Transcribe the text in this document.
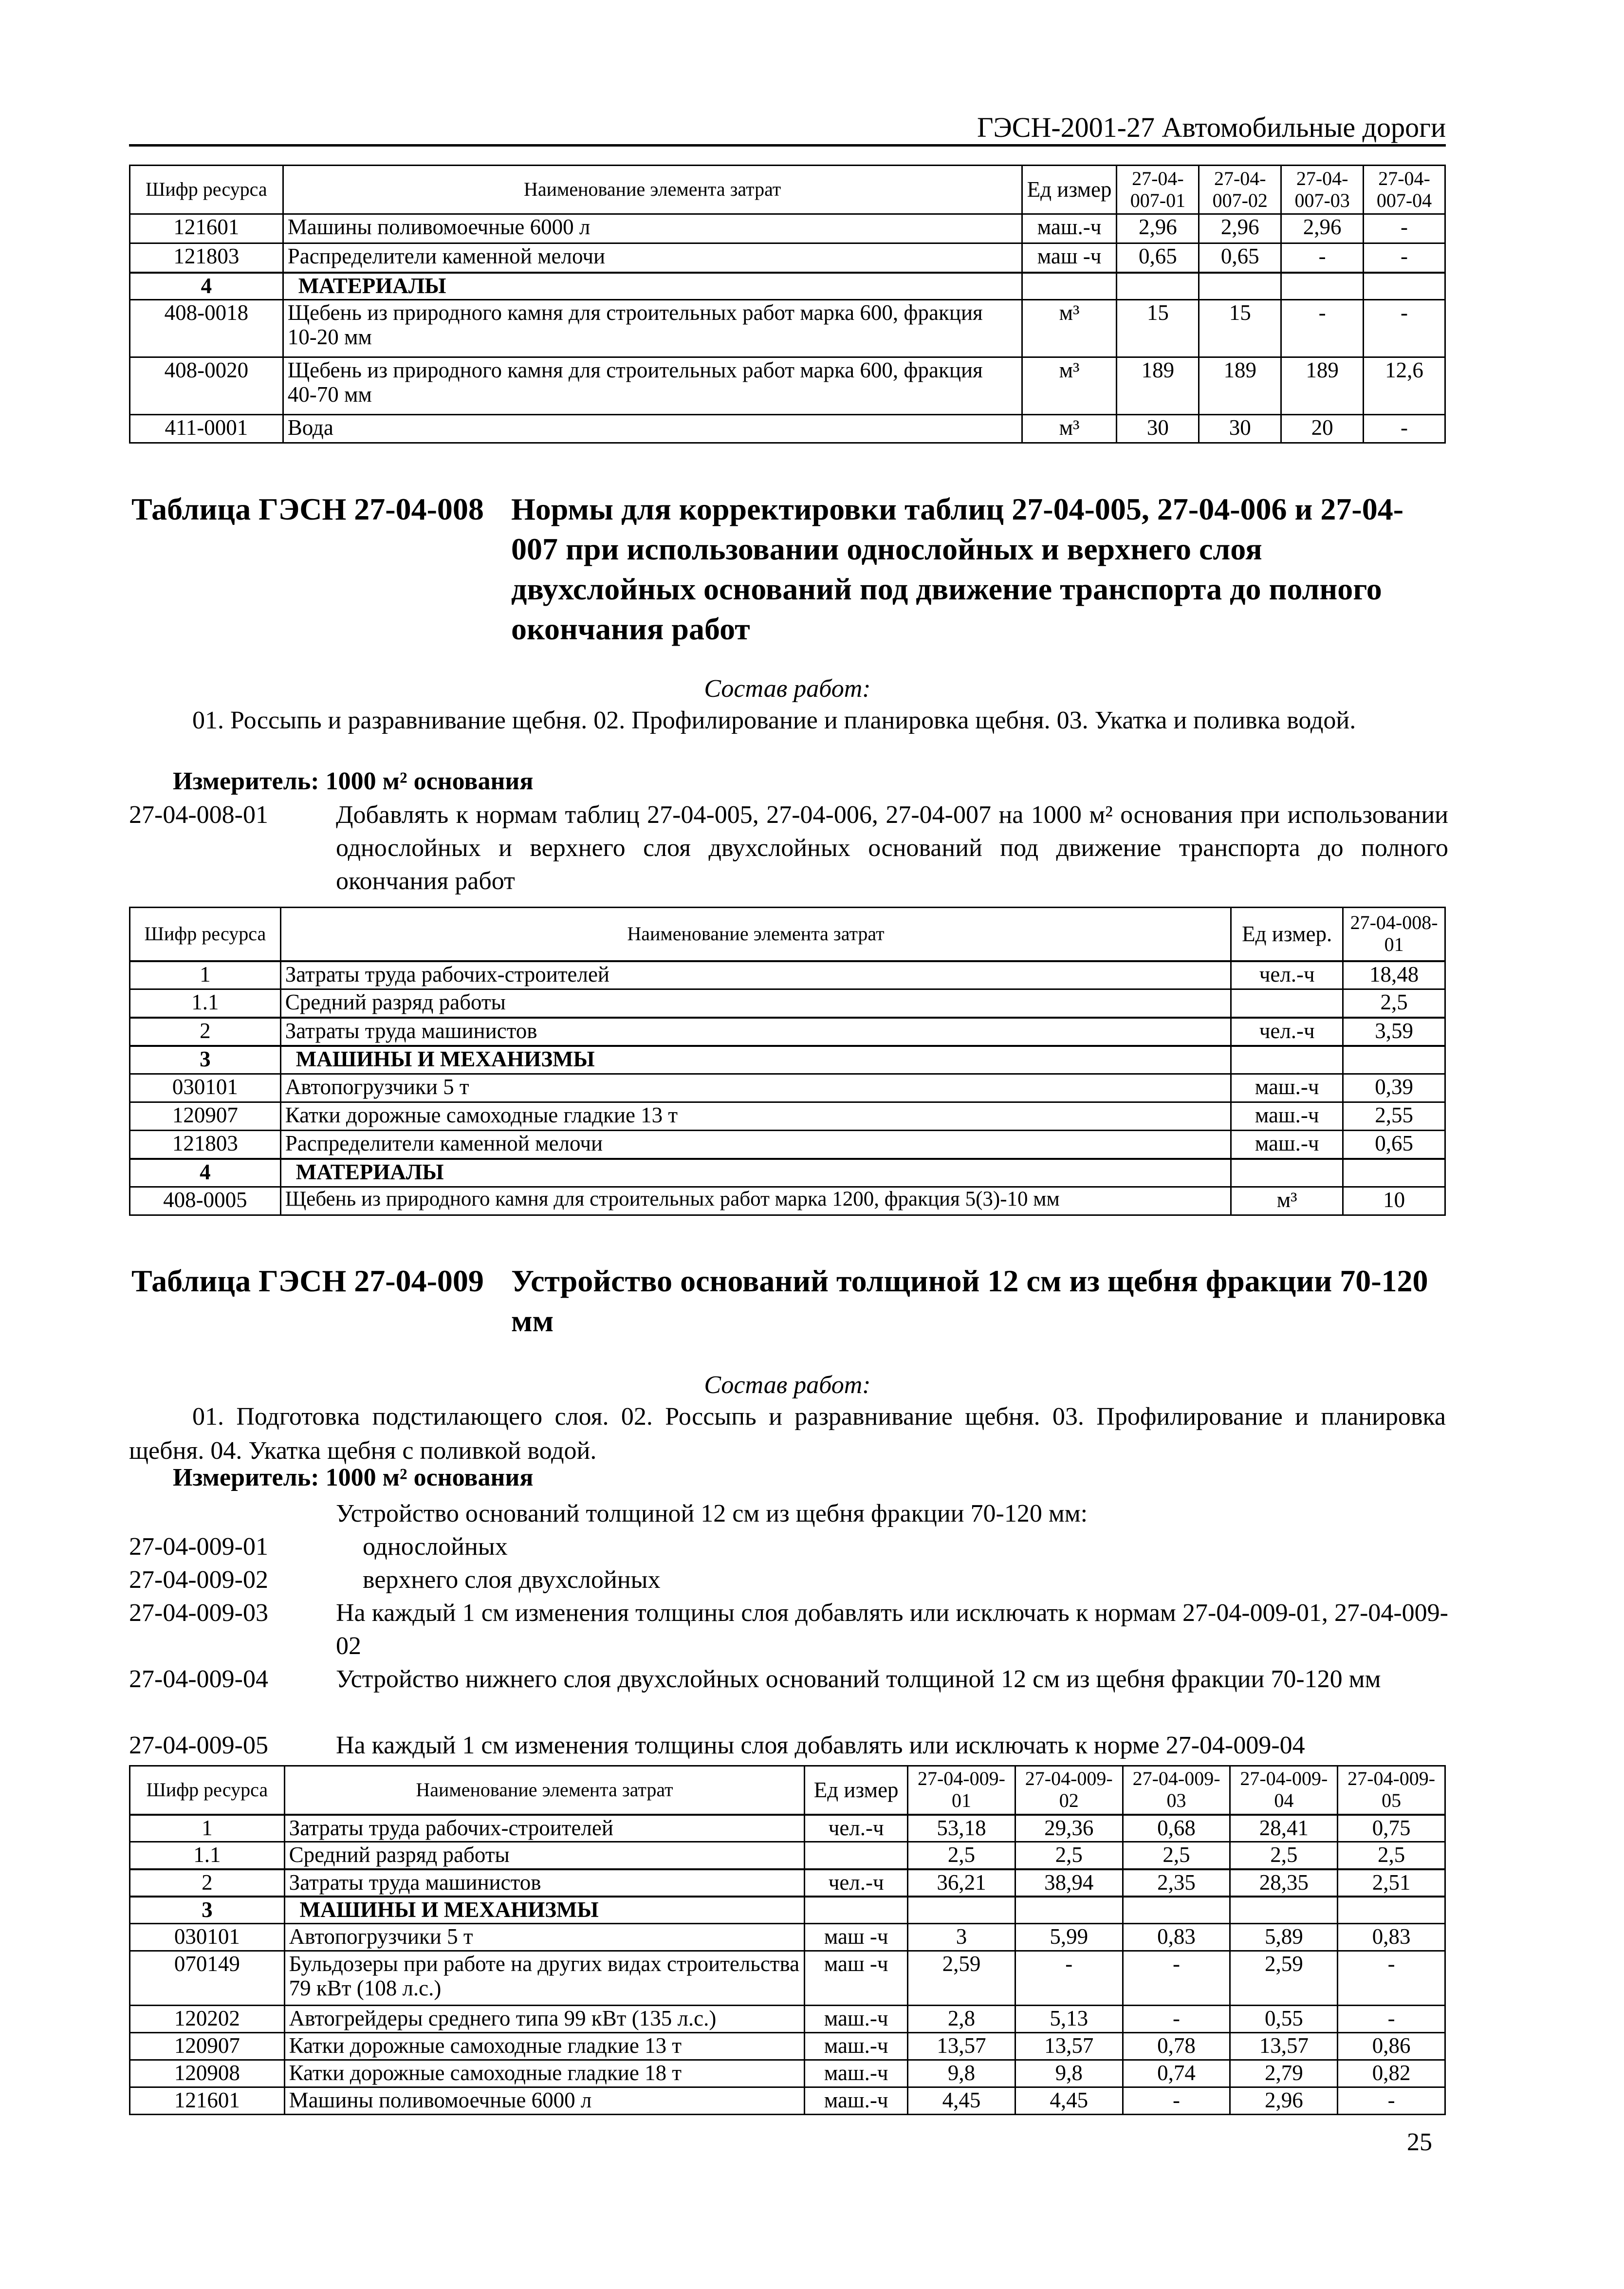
ГЭСН-2001-27 Автомобильные дороги
Шифр ресурса	Наименование элемента затрат	Ед измер	27-04-007-01	27-04-007-02	27-04-007-03	27-04-007-04
121601	Машины поливомоечные 6000 л	маш.-ч	2,96	2,96	2,96	-
121803	Распределители каменной мелочи	маш -ч	0,65	0,65	-	-
4	МАТЕРИАЛЫ					
408-0018	Щебень из природного камня для строительных работ марка 600, фракция 10-20 мм	м³	15	15	-	-
408-0020	Щебень из природного камня для строительных работ марка 600, фракция 40-70 мм	м³	189	189	189	12,6
411-0001	Вода	м³	30	30	20	-
Таблица ГЭСН 27-04-008 Нормы для корректировки таблиц 27-04-005, 27-04-006 и 27-04-007 при использовании однослойных и верхнего слоя двухслойных оснований под движение транспорта до полного окончания работ
Состав работ:
01. Россыпь и разравнивание щебня. 02. Профилирование и планировка щебня. 03. Укатка и поливка водой.
Измеритель: 1000 м² основания
27-04-008-01	Добавлять к нормам таблиц 27-04-005, 27-04-006, 27-04-007 на 1000 м² основания при использовании однослойных и верхнего слоя двухслойных оснований под движение транспорта до полного окончания работ
Шифр ресурса	Наименование элемента затрат	Ед измер.	27-04-008-01
1	Затраты труда рабочих-строителей	чел.-ч	18,48
1.1	Средний разряд работы		2,5
2	Затраты труда машинистов	чел.-ч	3,59
3	МАШИНЫ И МЕХАНИЗМЫ		
030101	Автопогрузчики 5 т	маш.-ч	0,39
120907	Катки дорожные самоходные гладкие 13 т	маш.-ч	2,55
121803	Распределители каменной мелочи	маш.-ч	0,65
4	МАТЕРИАЛЫ		
408-0005	Щебень из природного камня для строительных работ марка 1200, фракция 5(3)-10 мм	м³	10
Таблица ГЭСН 27-04-009 Устройство оснований толщиной 12 см из щебня фракции 70-120 мм
Состав работ:
01. Подготовка подстилающего слоя. 02. Россыпь и разравнивание щебня. 03. Профилирование и планировка щебня. 04. Укатка щебня с поливкой водой.
Измеритель: 1000 м² основания
Устройство оснований толщиной 12 см из щебня фракции 70-120 мм:
27-04-009-01	однослойных
27-04-009-02	верхнего слоя двухслойных
27-04-009-03	На каждый 1 см изменения толщины слоя добавлять или исключать к нормам 27-04-009-01, 27-04-009-02
27-04-009-04	Устройство нижнего слоя двухслойных оснований толщиной 12 см из щебня фракции 70-120 мм
27-04-009-05	На каждый 1 см изменения толщины слоя добавлять или исключать к норме 27-04-009-04
Шифр ресурса	Наименование элемента затрат	Ед измер	27-04-009-01	27-04-009-02	27-04-009-03	27-04-009-04	27-04-009-05
1	Затраты труда рабочих-строителей	чел.-ч	53,18	29,36	0,68	28,41	0,75
1.1	Средний разряд работы		2,5	2,5	2,5	2,5	2,5
2	Затраты труда машинистов	чел.-ч	36,21	38,94	2,35	28,35	2,51
3	МАШИНЫ И МЕХАНИЗМЫ						
030101	Автопогрузчики 5 т	маш -ч	3	5,99	0,83	5,89	0,83
070149	Бульдозеры при работе на других видах строительства 79 кВт (108 л.с.)	маш -ч	2,59	-	-	2,59	-
120202	Автогрейдеры среднего типа 99 кВт (135 л.с.)	маш.-ч	2,8	5,13	-	0,55	-
120907	Катки дорожные самоходные гладкие 13 т	маш.-ч	13,57	13,57	0,78	13,57	0,86
120908	Катки дорожные самоходные гладкие 18 т	маш.-ч	9,8	9,8	0,74	2,79	0,82
121601	Машины поливомоечные 6000 л	маш.-ч	4,45	4,45	-	2,96	-
25
